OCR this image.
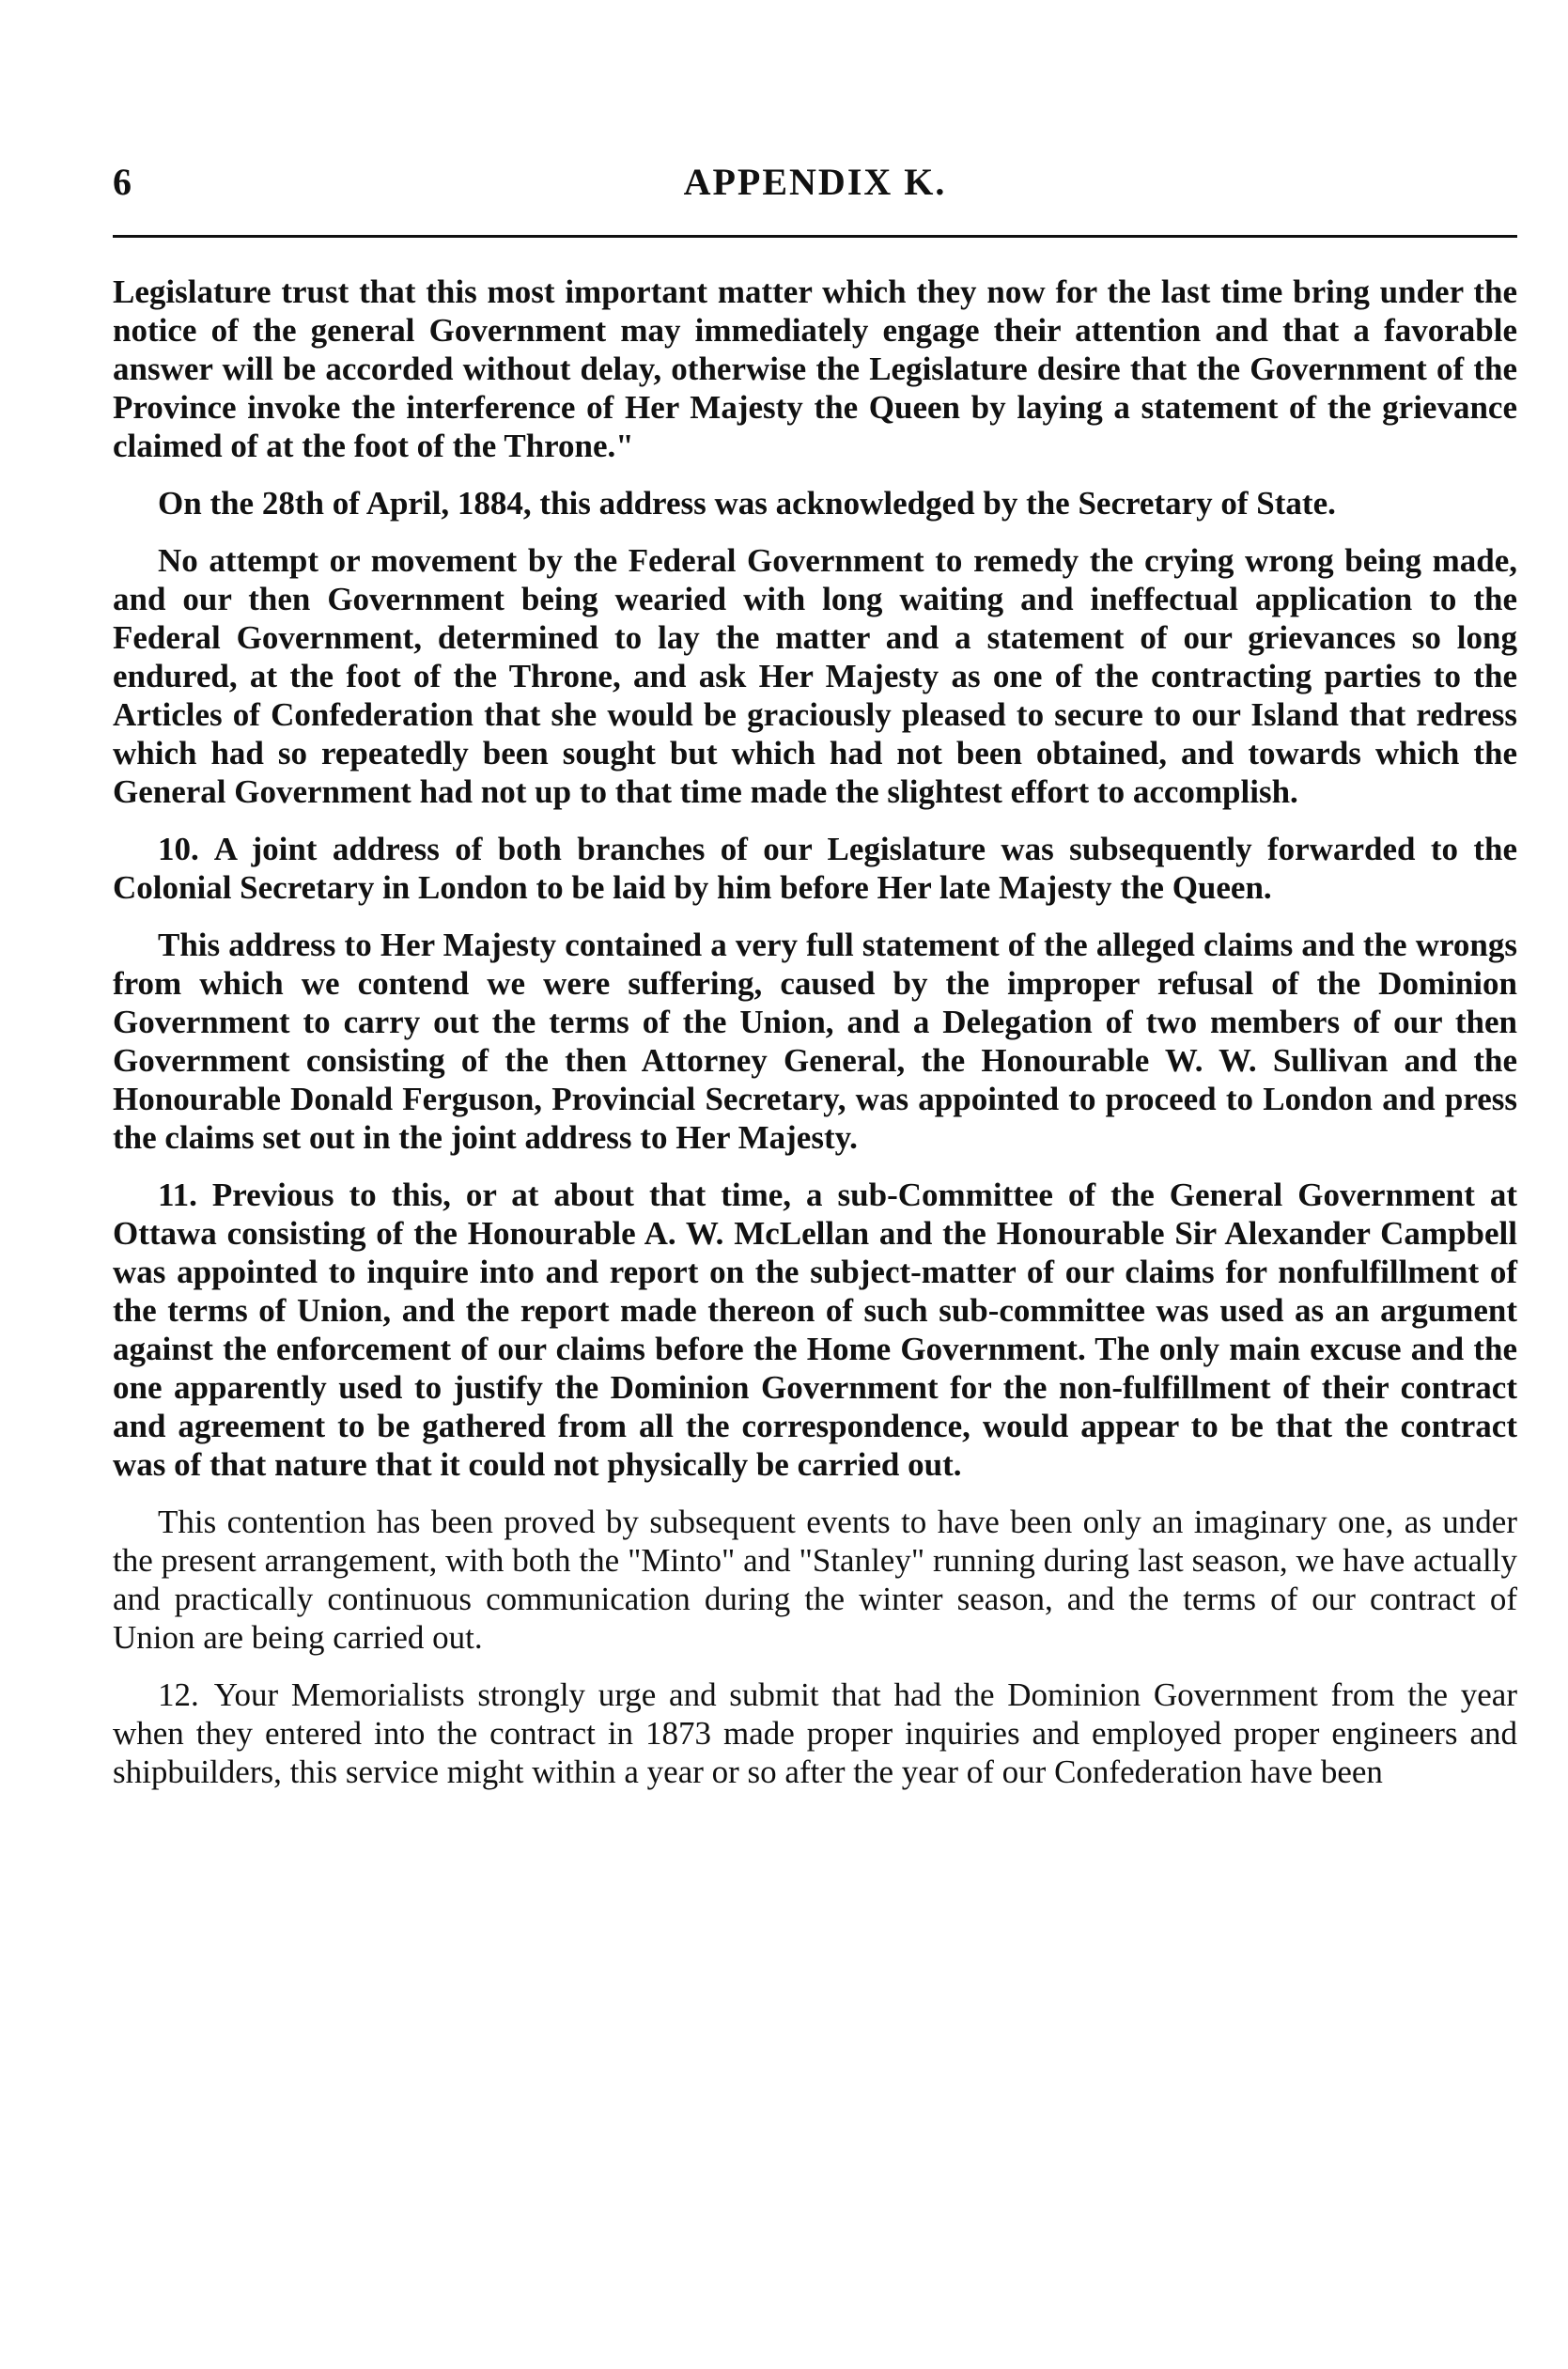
6	APPENDIX K.

Legislature trust that this most important matter which they now for the last time bring under the notice of the general Government may immediately engage their attention and that a favorable answer will be accorded without delay, otherwise the Legislature desire that the Government of the Province invoke the interference of Her Majesty the Queen by laying a statement of the grievance claimed of at the foot of the Throne."

On the 28th of April, 1884, this address was acknowledged by the Secretary of State.

No attempt or movement by the Federal Government to remedy the crying wrong being made, and our then Government being wearied with long waiting and ineffectual application to the Federal Government, determined to lay the matter and a statement of our grievances so long endured, at the foot of the Throne, and ask Her Majesty as one of the contracting parties to the Articles of Confederation that she would be graciously pleased to secure to our Island that redress which had so repeatedly been sought but which had not been obtained, and towards which the General Government had not up to that time made the slightest effort to accomplish.

10. A joint address of both branches of our Legislature was subsequently forwarded to the Colonial Secretary in London to be laid by him before Her late Majesty the Queen.

This address to Her Majesty contained a very full statement of the alleged claims and the wrongs from which we contend we were suffering, caused by the improper refusal of the Dominion Government to carry out the terms of the Union, and a Delegation of two members of our then Government consisting of the then Attorney General, the Honourable W. W. Sullivan and the Honourable Donald Ferguson, Provincial Secretary, was appointed to proceed to London and press the claims set out in the joint address to Her Majesty.

11. Previous to this, or at about that time, a sub-Committee of the General Government at Ottawa consisting of the Honourable A. W. McLellan and the Honourable Sir Alexander Campbell was appointed to inquire into and report on the subject-matter of our claims for nonfulfillment of the terms of Union, and the report made thereon of such sub-committee was used as an argument against the enforcement of our claims before the Home Government. The only main excuse and the one apparently used to justify the Dominion Government for the non-fulfillment of their contract and agreement to be gathered from all the correspondence, would appear to be that the contract was of that nature that it could not physically be carried out.

This contention has been proved by subsequent events to have been only an imaginary one, as under the present arrangement, with both the "Minto" and "Stanley" running during last season, we have actually and practically continuous communication during the winter season, and the terms of our contract of Union are being carried out.

12. Your Memorialists strongly urge and submit that had the Dominion Government from the year when they entered into the contract in 1873 made proper inquiries and employed proper engineers and shipbuilders, this service might within a year or so after the year of our Confederation have been
